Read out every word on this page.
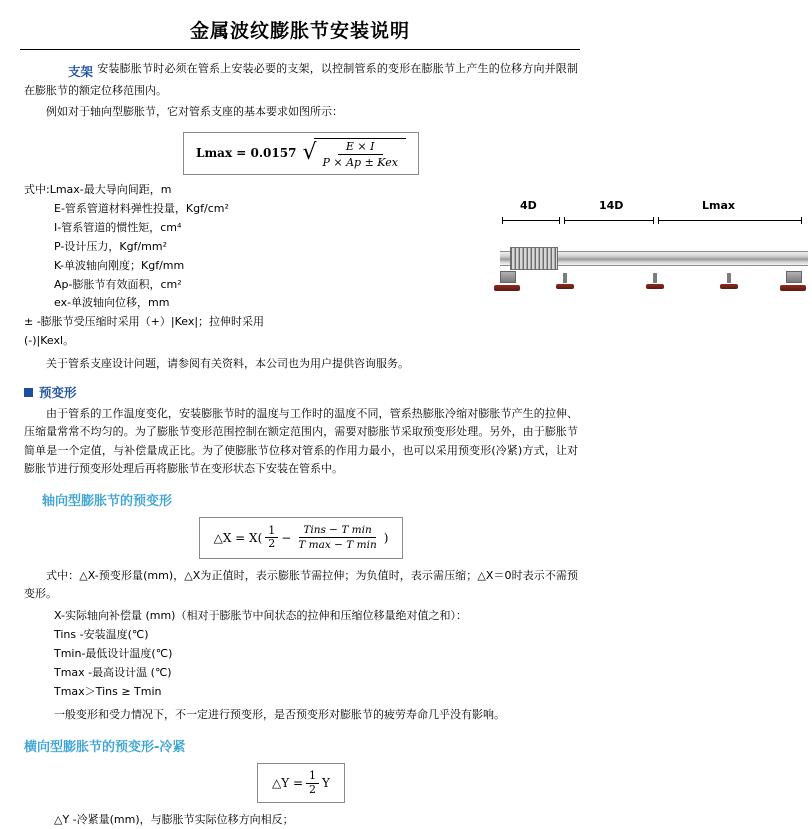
金属波纹膨胀节安装说明

支架 安装膨胀节时必须在管系上安装必要的支架，以控制管系的变形在膨胀节上产生的位移方向并限制在膨胀节的额定位移范围内。

例如对于轴向型膨胀节，它对管系支座的基本要求如图所示：

Lmax = 0.0157 √
$\frac{E \times I}{\text{P × Ap ± Kex}}$
式中:Lmax-最大导向间距，m
E-管系管道材料弹性投量，Kgf/cm²
I-管系管道的惯性矩，cm⁴
P-设计压力，Kgf/mm²
K-单波轴向刚度；Kgf/mm
Ap-膨胀节有效面积，cm²
ex-单波轴向位移，mm
± -膨胀节受压缩时采用（+）|Kex|；拉伸时采用(-)|Kexl。
4D	14D	Lmax

关于管系支座设计问题，请参阅有关资料，本公司也为用户提供咨询服务。

预变形

由于管系的工作温度变化，安装膨胀节时的温度与工作时的温度不同，管系热膨胀冷缩对膨胀节产生的拉伸、压缩量常常不均匀的。为了膨胀节变形范围控制在额定范围内，需要对膨胀节采取预变形处理。另外，由于膨胀节简单是一个定值，与补偿量成正比。为了使膨胀节位移对管系的作用力最小，也可以采用预变形(冷紧)方式，让对膨胀节进行预变形处理后再将膨胀节在变形状态下安装在管系中。

轴向型膨胀节的预变形
△X = $X( \frac{1}{2}$ −
Tins − T min
T max − T min
)

式中：△X-预变形量(mm)，△X为正值时，表示膨胀节需拉伸；为负值时，表示需压缩；△X＝0时表示不需预变形。

X-实际轴向补偿量 (mm)（相对于膨胀节中间状态的拉伸和压缩位移量绝对值之和）：
Tins -安装温度(℃)
Tmin-最低设计温度(℃)
Tmax -最高设计温 (℃)
Tmax＞Tins ≥ Tmin

一般变形和受力情况下，不一定进行预变形，是否预变形对膨胀节的疲劳寿命几乎没有影响。

横向型膨胀节的预变形-冷紧
△Y = $\frac{1}{2}$ Y

△Y -冷紧量(mm)，与膨胀节实际位移方向相反；
